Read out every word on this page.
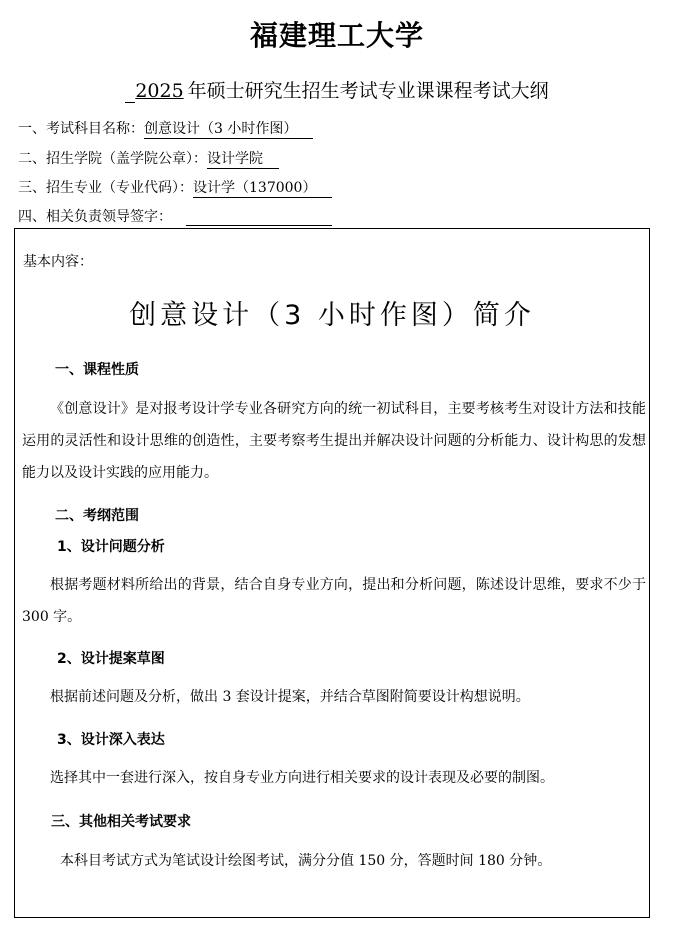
福建理工大学
2025 年硕士研究生招生考试专业课课程考试大纲
一、考试科目名称：创意设计（3 小时作图）
二、招生学院（盖学院公章）：设计学院
三、招生专业（专业代码）：设计学（137000）
四、相关负责领导签字：
基本内容：
创意设计（3 小时作图）简介
一、课程性质
《创意设计》是对报考设计学专业各研究方向的统一初试科目，主要考核考生对设计方法和技能运用的灵活性和设计思维的创造性，主要考察考生提出并解决设计问题的分析能力、设计构思的发想能力以及设计实践的应用能力。
二、考纲范围
1、设计问题分析
根据考题材料所给出的背景，结合自身专业方向，提出和分析问题，陈述设计思维，要求不少于 300 字。
2、设计提案草图
根据前述问题及分析，做出 3 套设计提案，并结合草图附简要设计构想说明。
3、设计深入表达
选择其中一套进行深入，按自身专业方向进行相关要求的设计表现及必要的制图。
三、其他相关考试要求
本科目考试方式为笔试设计绘图考试，满分分值 150 分，答题时间 180 分钟。
